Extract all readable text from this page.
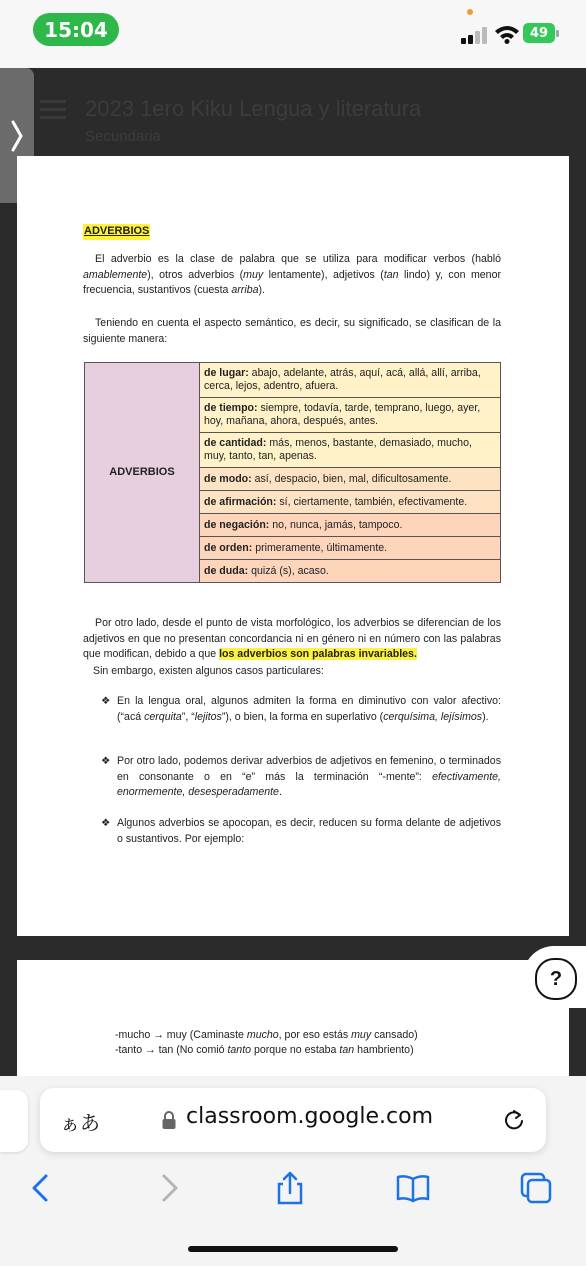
15:04	49
2023 1ero Kiku Lengua y literatura
Secundaria
ADVERBIOS

El adverbio es la clase de palabra que se utiliza para modificar verbos (habló amablemente), otros adverbios (muy lentamente), adjetivos (tan lindo) y, con menor frecuencia, sustantivos (cuesta arriba).

Teniendo en cuenta el aspecto semántico, es decir, su significado, se clasifican de la siguiente manera:

ADVERBIOS	de lugar: abajo, adelante, atrás, aquí, acá, allá, allí, arriba, cerca, lejos, adentro, afuera.
de tiempo: siempre, todavía, tarde, temprano, luego, ayer, hoy, mañana, ahora, después, antes.
de cantidad: más, menos, bastante, demasiado, mucho, muy, tanto, tan, apenas.
de modo: así, despacio, bien, mal, dificultosamente.
de afirmación: sí, ciertamente, también, efectivamente.
de negación: no, nunca, jamás, tampoco.
de orden: primeramente, últimamente.
de duda: quizá (s), acaso.

Por otro lado, desde el punto de vista morfológico, los adverbios se diferencian de los adjetivos en que no presentan concordancia ni en género ni en número con las palabras que modifican, debido a que los adverbios son palabras invariables.

Sin embargo, existen algunos casos particulares:

❖ En la lengua oral, algunos admiten la forma en diminutivo con valor afectivo: (“acá cerquita”, “lejitos”), o bien, la forma en superlativo (cerquísima, lejísimos).

❖ Por otro lado, podemos derivar adverbios de adjetivos en femenino, o terminados en consonante o en “e” más la terminación “-mente”: efectivamente, enormemente, desesperadamente.

❖ Algunos adverbios se apocopan, es decir, reducen su forma delante de adjetivos o sustantivos. Por ejemplo:

-mucho → muy (Caminaste mucho, por eso estás muy cansado)
-tanto → tan (No comió tanto porque no estaba tan hambriento)
?
ぁあ	classroom.google.com
